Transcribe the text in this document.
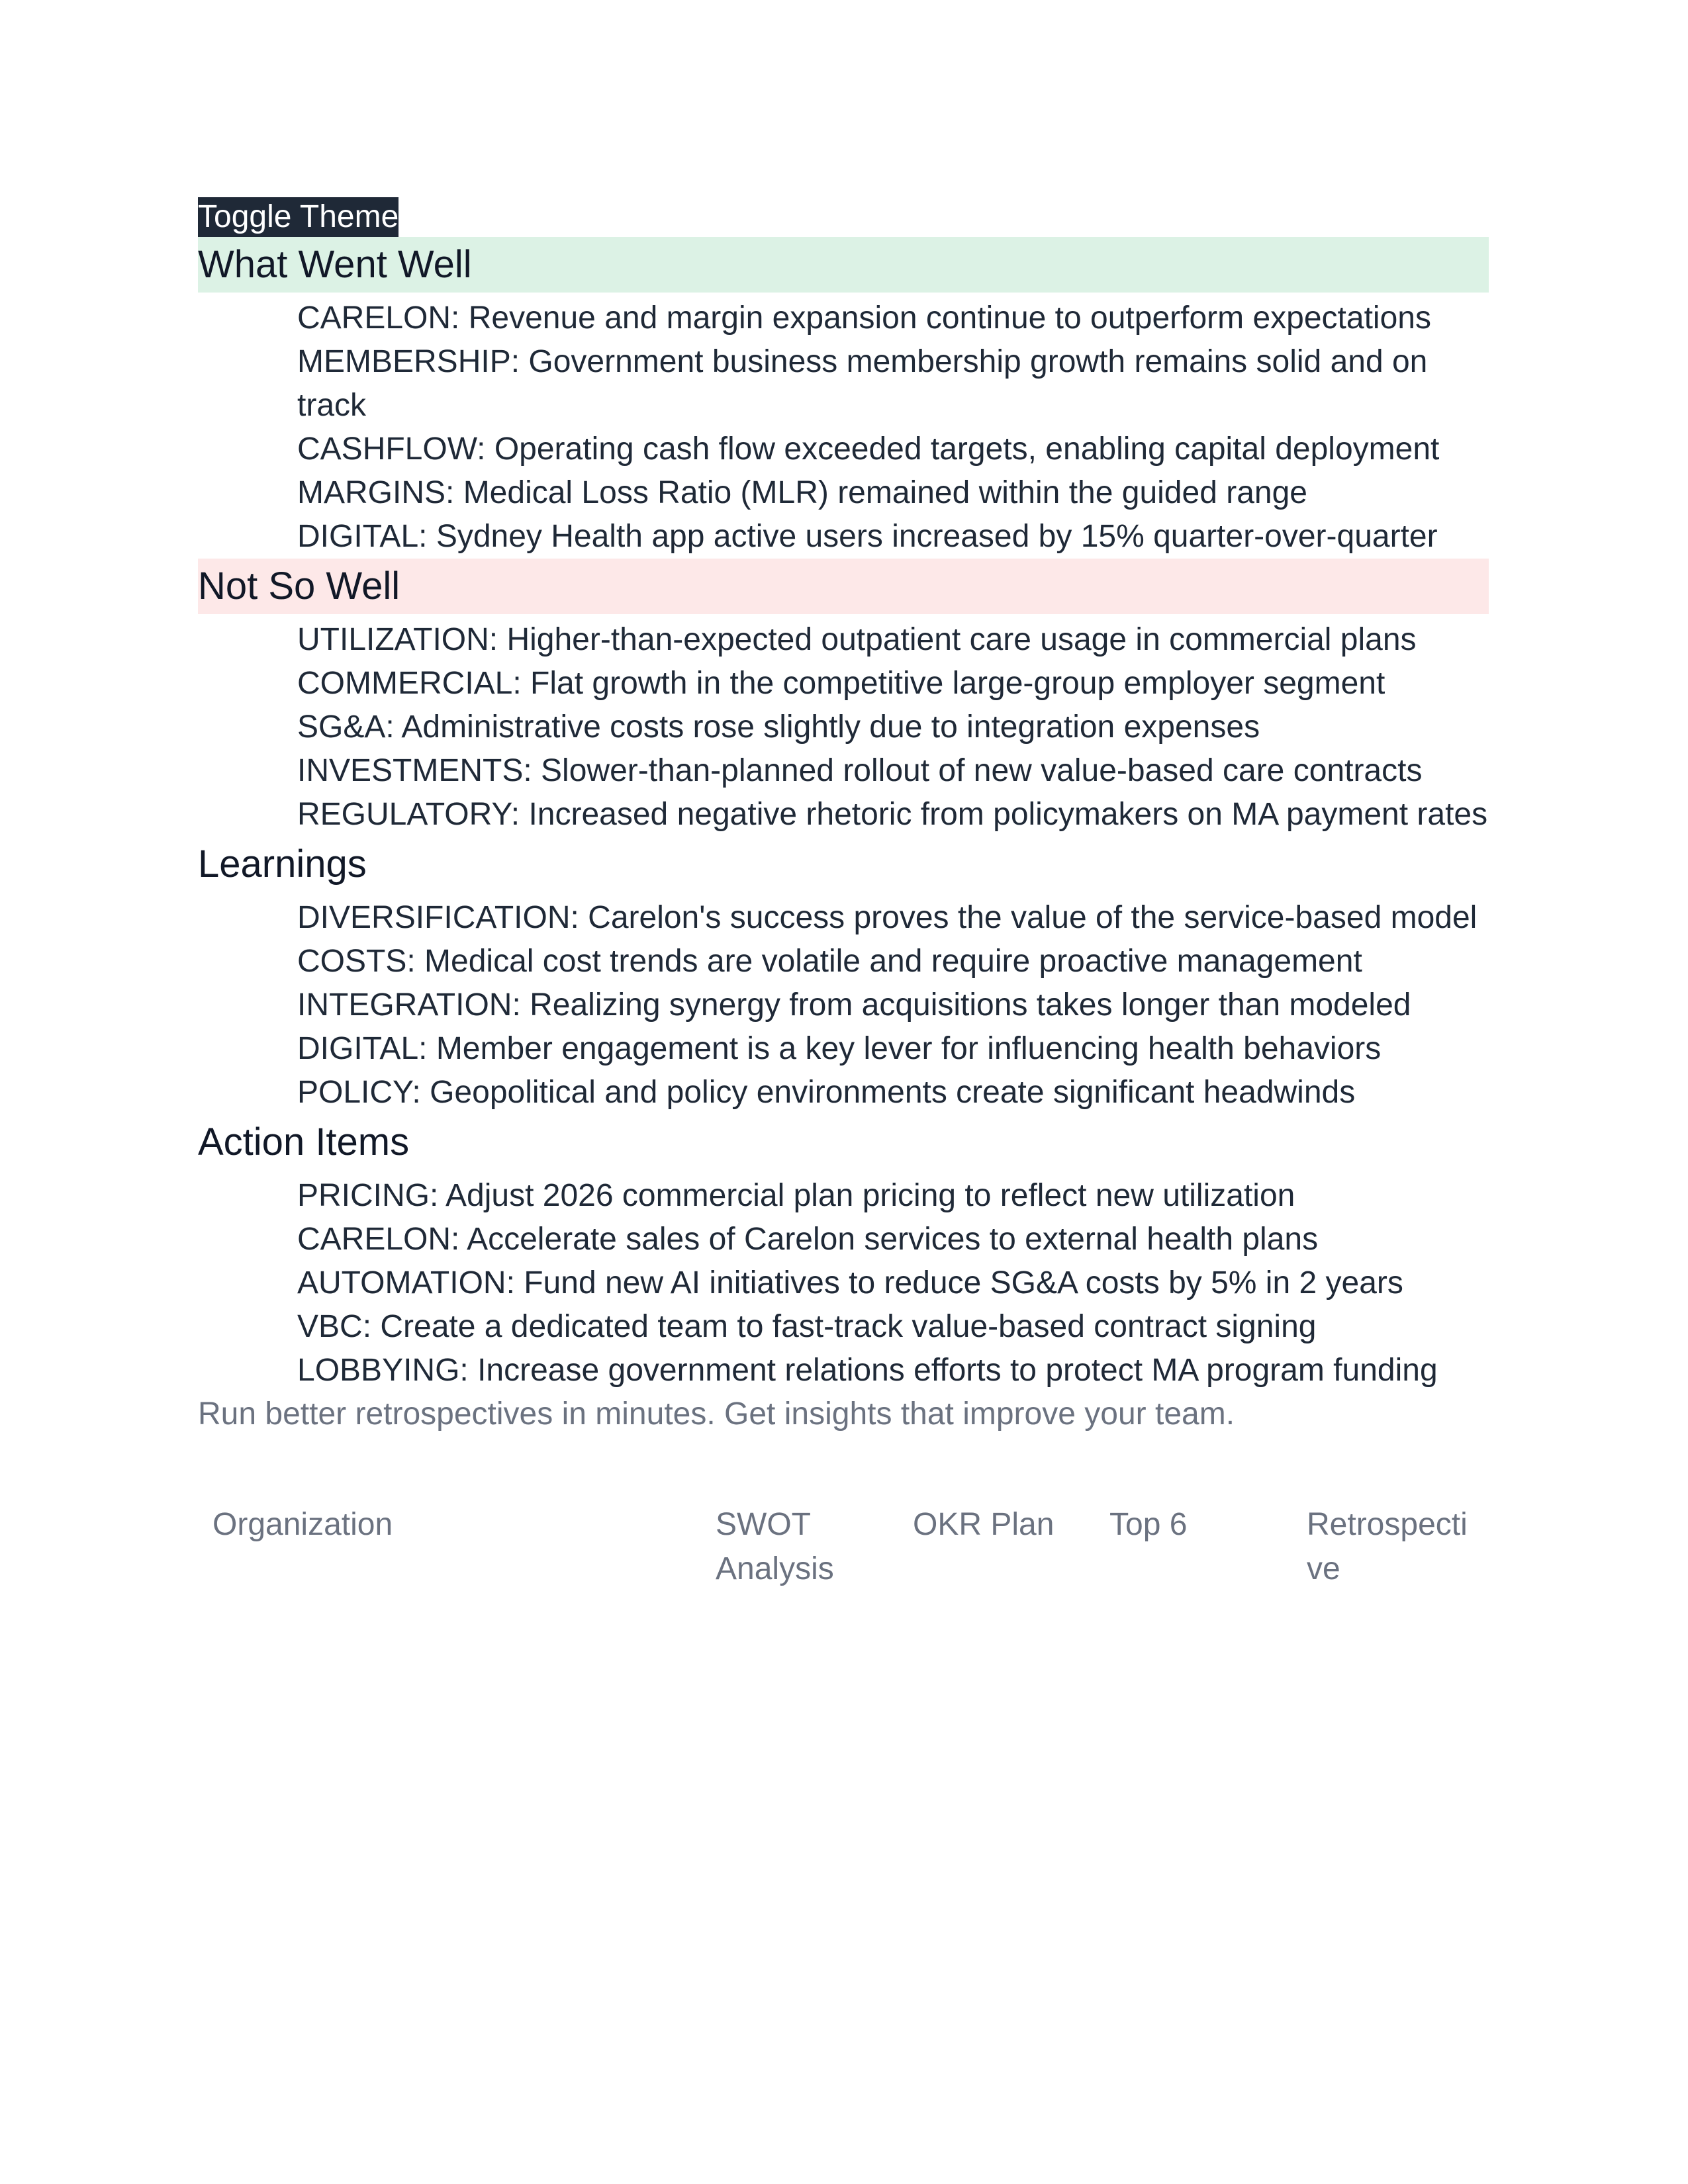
Toggle Theme
What Went Well
CARELON: Revenue and margin expansion continue to outperform expectations
MEMBERSHIP: Government business membership growth remains solid and on track
CASHFLOW: Operating cash flow exceeded targets, enabling capital deployment
MARGINS: Medical Loss Ratio (MLR) remained within the guided range
DIGITAL: Sydney Health app active users increased by 15% quarter-over-quarter
Not So Well
UTILIZATION: Higher-than-expected outpatient care usage in commercial plans
COMMERCIAL: Flat growth in the competitive large-group employer segment
SG&A: Administrative costs rose slightly due to integration expenses
INVESTMENTS: Slower-than-planned rollout of new value-based care contracts
REGULATORY: Increased negative rhetoric from policymakers on MA payment rates
Learnings
DIVERSIFICATION: Carelon's success proves the value of the service-based model
COSTS: Medical cost trends are volatile and require proactive management
INTEGRATION: Realizing synergy from acquisitions takes longer than modeled
DIGITAL: Member engagement is a key lever for influencing health behaviors
POLICY: Geopolitical and policy environments create significant headwinds
Action Items
PRICING: Adjust 2026 commercial plan pricing to reflect new utilization
CARELON: Accelerate sales of Carelon services to external health plans
AUTOMATION: Fund new AI initiatives to reduce SG&A costs by 5% in 2 years
VBC: Create a dedicated team to fast-track value-based contract signing
LOBBYING: Increase government relations efforts to protect MA program funding

Run better retrospectives in minutes. Get insights that improve your team.

Organization	SWOT Analysis
OKR Plan	Top 6	Retrospective
